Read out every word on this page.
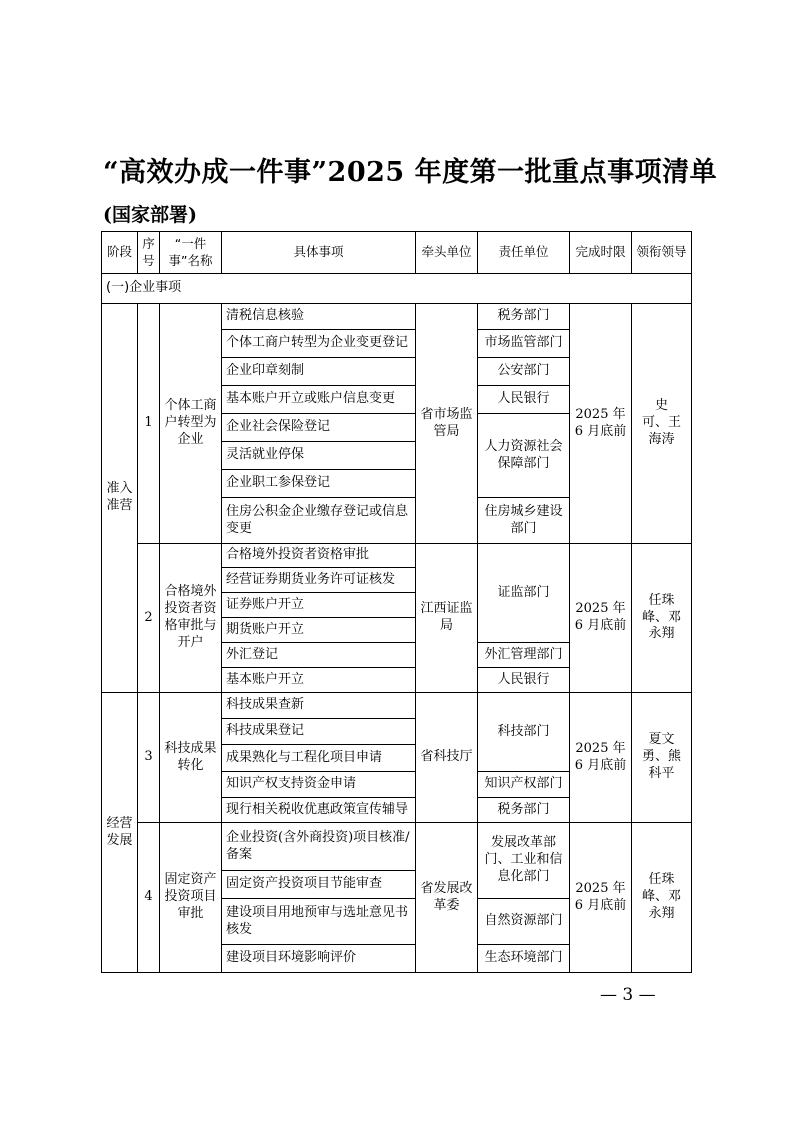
“高效办成一件事”2025 年度第一批重点事项清单
(国家部署)
阶段	序号	“一件事”名称	具体事项	牵头单位	责任单位	完成时限	领衔领导
(一)企业事项							
准入准营	1	个体工商户转型为企业	清税信息核验	省市场监管局	税务部门	2025 年6 月底前	史　可、王海涛
			个体工商户转型为企业变更登记		市场监管部门		
			企业印章刻制		公安部门		
			基本账户开立或账户信息变更		人民银行		
			企业社会保险登记		人力资源社会保障部门		
			灵活就业停保				
			企业职工参保登记				
			住房公积金企业缴存登记或信息变更		住房城乡建设部门		
	2	合格境外投资者资格审批与开户	合格境外投资者资格审批	江西证监局	证监部门	2025 年6 月底前	任珠峰、邓永翔
			经营证券期货业务许可证核发				
			证券账户开立				
			期货账户开立				
			外汇登记		外汇管理部门		
			基本账户开立		人民银行		
经营发展	3	科技成果转化	科技成果查新	省科技厅	科技部门	2025 年6 月底前	夏文勇、熊科平
			科技成果登记				
			成果熟化与工程化项目申请				
			知识产权支持资金申请		知识产权部门		
			现行相关税收优惠政策宣传辅导		税务部门		
	4	固定资产投资项目审批	企业投资(含外商投资)项目核准/备案	省发展改革委	发展改革部门、工业和信息化部门	2025 年6 月底前	任珠峰、邓永翔
			固定资产投资项目节能审查				
			建设项目用地预审与选址意见书核发		自然资源部门		
			建设项目环境影响评价		生态环境部门		
— 3 —
